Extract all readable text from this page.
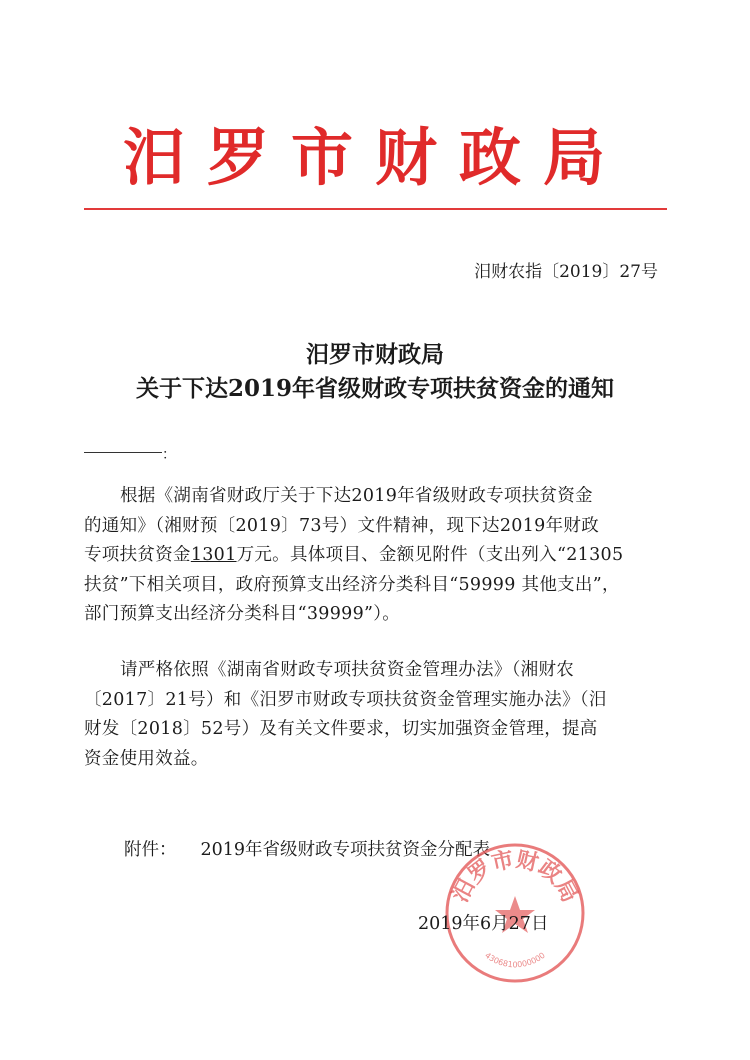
汨罗市财政局
汨财农指〔2019〕27号
汨罗市财政局
关于下达2019年省级财政专项扶贫资金的通知
：
根据《湖南省财政厅关于下达2019年省级财政专项扶贫资金
的通知》（湘财预〔2019〕73号）文件精神，现下达2019年财政
专项扶贫资金1301万元。具体项目、金额见附件（支出列入“21305
扶贫”下相关项目，政府预算支出经济分类科目“59999 其他支出”，
部门预算支出经济分类科目“39999”）。
请严格依照《湖南省财政专项扶贫资金管理办法》（湘财农
〔2017〕21号）和《汨罗市财政专项扶贫资金管理实施办法》（汨
财发〔2018〕52号）及有关文件要求，切实加强资金管理，提高
资金使用效益。
附件： 2019年省级财政专项扶贫资金分配表
汨罗市财政局
4306810000000
2019年6月27日
